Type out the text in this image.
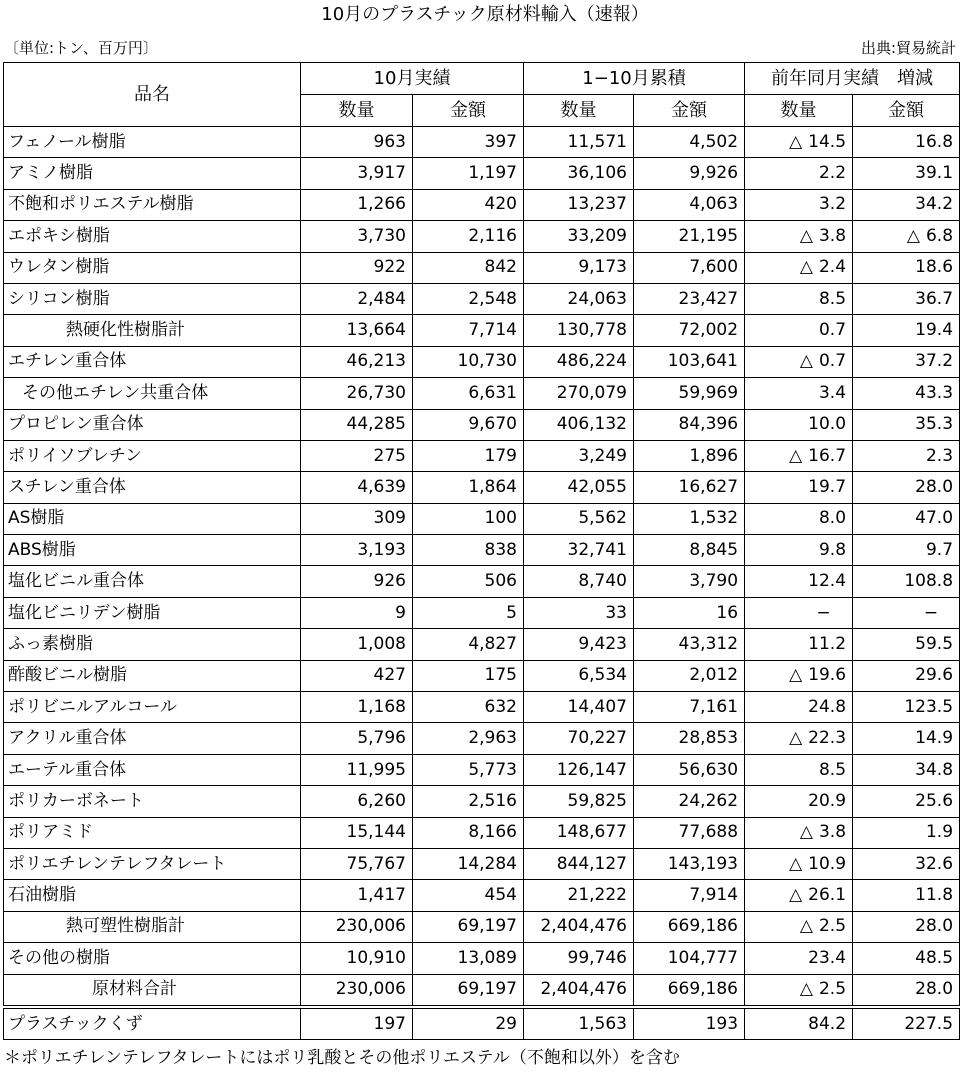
10月のプラスチック原材料輸入（速報）
〔単位:トン、百万円〕	出典:貿易統計
品名	10月実績		1−10月累積		前年同月実績　増減	
	数量	金額	数量	金額	数量	金額
フェノール樹脂	963	397	11,571	4,502	△ 14.5	16.8
アミノ樹脂	3,917	1,197	36,106	9,926	2.2	39.1
不飽和ポリエステル樹脂	1,266	420	13,237	4,063	3.2	34.2
エポキシ樹脂	3,730	2,116	33,209	21,195	△ 3.8	△ 6.8
ウレタン樹脂	922	842	9,173	7,600	△ 2.4	18.6
シリコン樹脂	2,484	2,548	24,063	23,427	8.5	36.7
熱硬化性樹脂計	13,664	7,714	130,778	72,002	0.7	19.4
エチレン重合体	46,213	10,730	486,224	103,641	△ 0.7	37.2
その他エチレン共重合体	26,730	6,631	270,079	59,969	3.4	43.3
プロピレン重合体	44,285	9,670	406,132	84,396	10.0	35.3
ポリイソブレチン	275	179	3,249	1,896	△ 16.7	2.3
スチレン重合体	4,639	1,864	42,055	16,627	19.7	28.0
AS樹脂	309	100	5,562	1,532	8.0	47.0
ABS樹脂	3,193	838	32,741	8,845	9.8	9.7
塩化ビニル重合体	926	506	8,740	3,790	12.4	108.8
塩化ビニリデン樹脂	9	5	33	16	−	−
ふっ素樹脂	1,008	4,827	9,423	43,312	11.2	59.5
酢酸ビニル樹脂	427	175	6,534	2,012	△ 19.6	29.6
ポリビニルアルコール	1,168	632	14,407	7,161	24.8	123.5
アクリル重合体	5,796	2,963	70,227	28,853	△ 22.3	14.9
エーテル重合体	11,995	5,773	126,147	56,630	8.5	34.8
ポリカーボネート	6,260	2,516	59,825	24,262	20.9	25.6
ポリアミド	15,144	8,166	148,677	77,688	△ 3.8	1.9
ポリエチレンテレフタレート	75,767	14,284	844,127	143,193	△ 10.9	32.6
石油樹脂	1,417	454	21,222	7,914	△ 26.1	11.8
熱可塑性樹脂計	230,006	69,197	2,404,476	669,186	△ 2.5	28.0
その他の樹脂	10,910	13,089	99,746	104,777	23.4	48.5
原材料合計	230,006	69,197	2,404,476	669,186	△ 2.5	28.0
プラスチックくず	197	29	1,563	193	84.2	227.5
＊ポリエチレンテレフタレートにはポリ乳酸とその他ポリエステル（不飽和以外）を含む
